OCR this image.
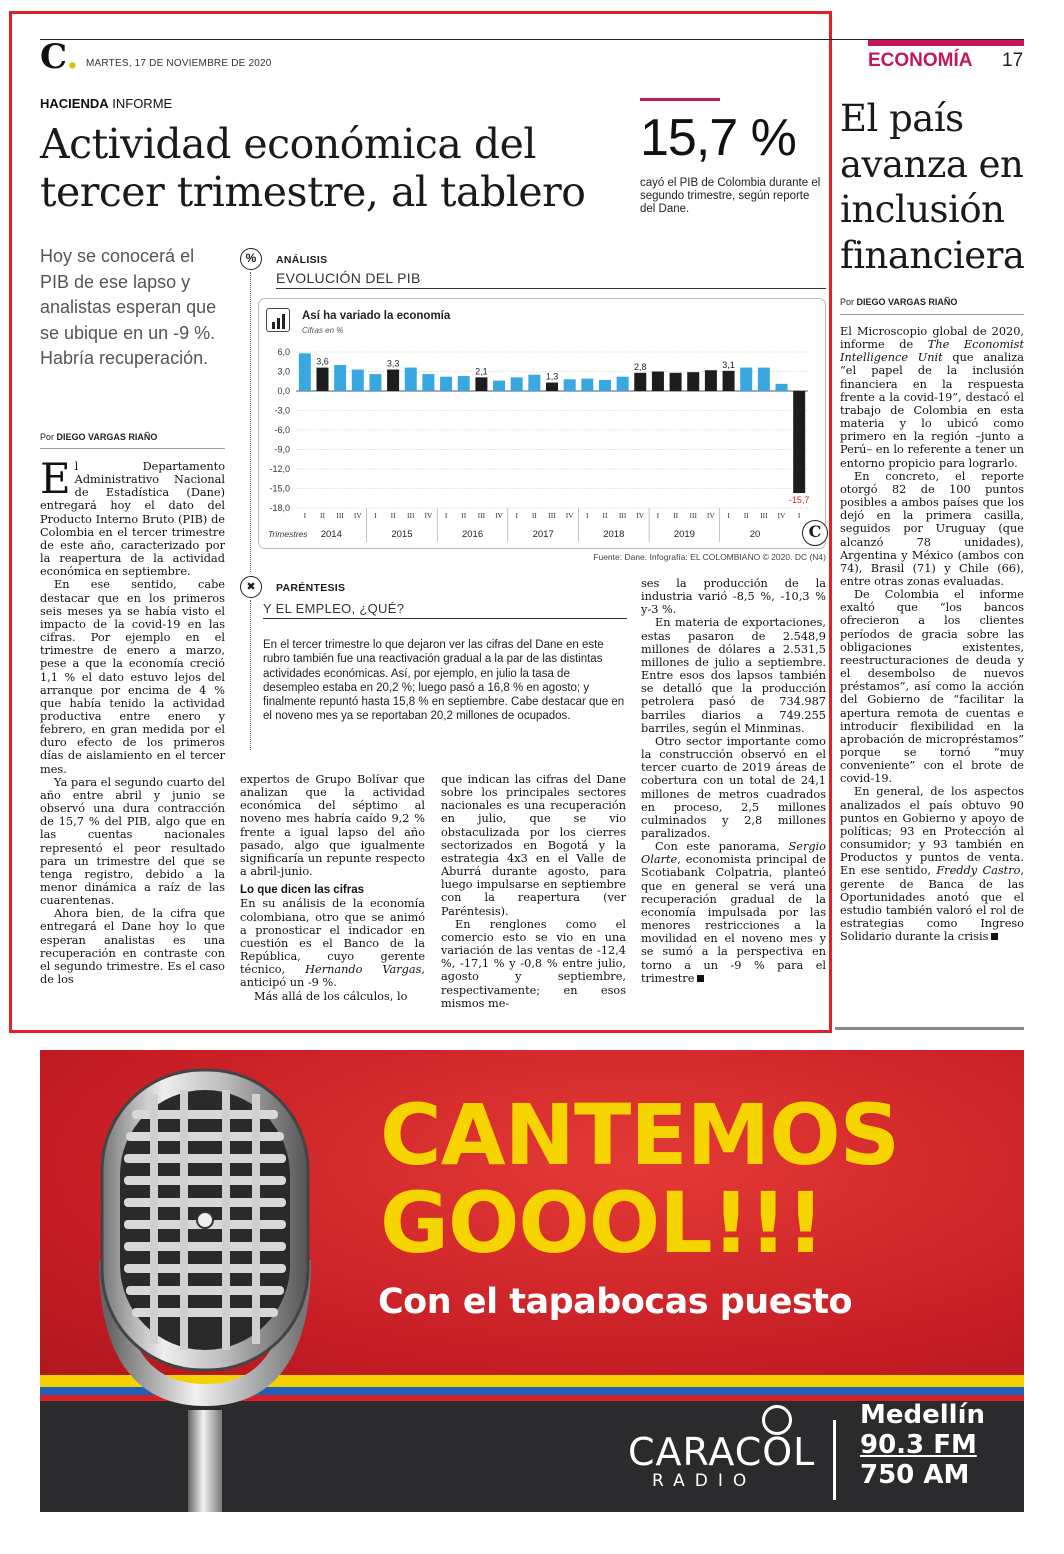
C. MARTES, 17 DE NOVIEMBRE DE 2020	ECONOMÍA 17
HACIENDA INFORME
Actividad económica del tercer trimestre, al tablero
15,7 %
cayó el PIB de Colombia durante el segundo trimestre, según reporte del Dane.
Hoy se conocerá el PIB de ese lapso y analistas esperan que se ubique en un -9 %. Habría recuperación.
Por DIEGO VARGAS RIAÑO

El Departamento Administrativo Nacional de Estadística (Dane) entregará hoy el dato del Producto Interno Bruto (PIB) de Colombia en el tercer trimestre de este año, caracterizado por la reapertura de la actividad económica en septiembre.

En ese sentido, cabe destacar que en los primeros seis meses ya se había visto el impacto de la covid-19 en las cifras. Por ejemplo en el trimestre de enero a marzo, pese a que la economía creció 1,1 % el dato estuvo lejos del arranque por encima de 4 % que había tenido la actividad productiva entre enero y febrero, en gran medida por el duro efecto de los primeros días de aislamiento en el tercer mes.

Ya para el segundo cuarto del año entre abril y junio se observó una dura contracción de 15,7 % del PIB, algo que en las cuentas nacionales representó el peor resultado para un trimestre del que se tenga registro, debido a la menor dinámica a raíz de las cuarentenas.

Ahora bien, de la cifra que entregará el Dane hoy lo que esperan analistas es una recuperación en contraste con el segundo trimestre. Es el caso de los

%	ANÁLISIS
EVOLUCIÓN DEL PIB
Así ha variado la economía
Cifras en %
6,0
3,0
0,0
-3,0
-6,0
-9,0
-12,0
-15,0
-18,0
I
3,6
II III IV I
3,3
II III IV I II
2,1
III IV I II
1,3
III IV I II III
2,8
IV I II III IV
3,1
I II III IV
-15,7
I
2014	2015	2016	2017	2018	2019	20
Trimestres	C
Fuente: Dane. Infografía: EL COLOMBIANO © 2020. DC (N4)
✖	PARÉNTESIS
Y EL EMPLEO, ¿QUÉ?
En el tercer trimestre lo que dejaron ver las cifras del Dane en este rubro también fue una reactivación gradual a la par de las distintas actividades económicas. Así, por ejemplo, en julio la tasa de desempleo estaba en 20,2 %; luego pasó a 16,8 % en agosto; y finalmente repuntó hasta 15,8 % en septiembre. Cabe destacar que en el noveno mes ya se reportaban 20,2 millones de ocupados.

expertos de Grupo Bolívar que analizan que la actividad económica del séptimo al noveno mes habría caído 9,2 % frente a igual lapso del año pasado, algo que igualmente significaría un repunte respecto a abril-junio.

Lo que dicen las cifras

En su análisis de la economía colombiana, otro que se animó a pronosticar el indicador en cuestión es el Banco de la República, cuyo gerente técnico, Hernando Vargas, anticipó un -9 %.

Más allá de los cálculos, lo

que indican las cifras del Dane sobre los principales sectores nacionales es una recuperación en julio, que se vio obstaculizada por los cierres sectorizados en Bogotá y la estrategia 4x3 en el Valle de Aburrá durante agosto, para luego impulsarse en septiembre con la reapertura (ver Paréntesis).

En renglones como el comercio esto se vio en una variación de las ventas de -12,4 %, -17,1 % y -0,8 % entre julio, agosto y septiembre, respectivamente; en esos mismos me-

ses la producción de la industria varió -8,5 %, -10,3 % y-3 %.

En materia de exportaciones, estas pasaron de 2.548,9 millones de dólares a 2.531,5 millones de julio a septiembre. Entre esos dos lapsos también se detalló que la producción petrolera pasó de 734.987 barriles diarios a 749.255 barriles, según el Minminas.

Otro sector importante como la construcción observó en el tercer cuarto de 2019 áreas de cobertura con un total de 24,1 millones de metros cuadrados en proceso, 2,5 millones culminados y 2,8 millones paralizados.

Con este panorama, Sergio Olarte, economista principal de Scotiabank Colpatria, planteó que en general se verá una recuperación gradual de la economía impulsada por las menores restricciones a la movilidad en el noveno mes y se sumó a la perspectiva en torno a un -9 % para el trimestre

El país avanza en inclusión financiera
Por DIEGO VARGAS RIAÑO

El Microscopio global de 2020, informe de The Economist Intelligence Unit que analiza “el papel de la inclusión financiera en la respuesta frente a la covid-19”, destacó el trabajo de Colombia en esta materia y lo ubicó como primero en la región –junto a Perú– en lo referente a tener un entorno propicio para lograrlo.

En concreto, el reporte otorgó 82 de 100 puntos posibles a ambos países que los dejó en la primera casilla, seguidos por Uruguay (que alcanzó 78 unidades), Argentina y México (ambos con 74), Brasil (71) y Chile (66), entre otras zonas evaluadas.

De Colombia el informe exaltó que “los bancos ofrecieron a los clientes períodos de gracia sobre las obligaciones existentes, reestructuraciones de deuda y el desembolso de nuevos préstamos”, así como la acción del Gobierno de “facilitar la apertura remota de cuentas e introducir flexibilidad en la aprobación de micropréstamos” porque se tornó “muy conveniente” con el brote de covid-19.

En general, de los aspectos analizados el país obtuvo 90 puntos en Gobierno y apoyo de políticas; 93 en Protección al consumidor; y 93 también en Productos y puntos de venta. En ese sentido, Freddy Castro, gerente de Banca de las Oportunidades anotó que el estudio también valoró el rol de estrategias como Ingreso Solidario durante la crisis

CANTEMOS
GOOOL!!!
Con el tapabocas puesto
CARACOL
RADIO
Medellín
90.3 FM
750 AM
